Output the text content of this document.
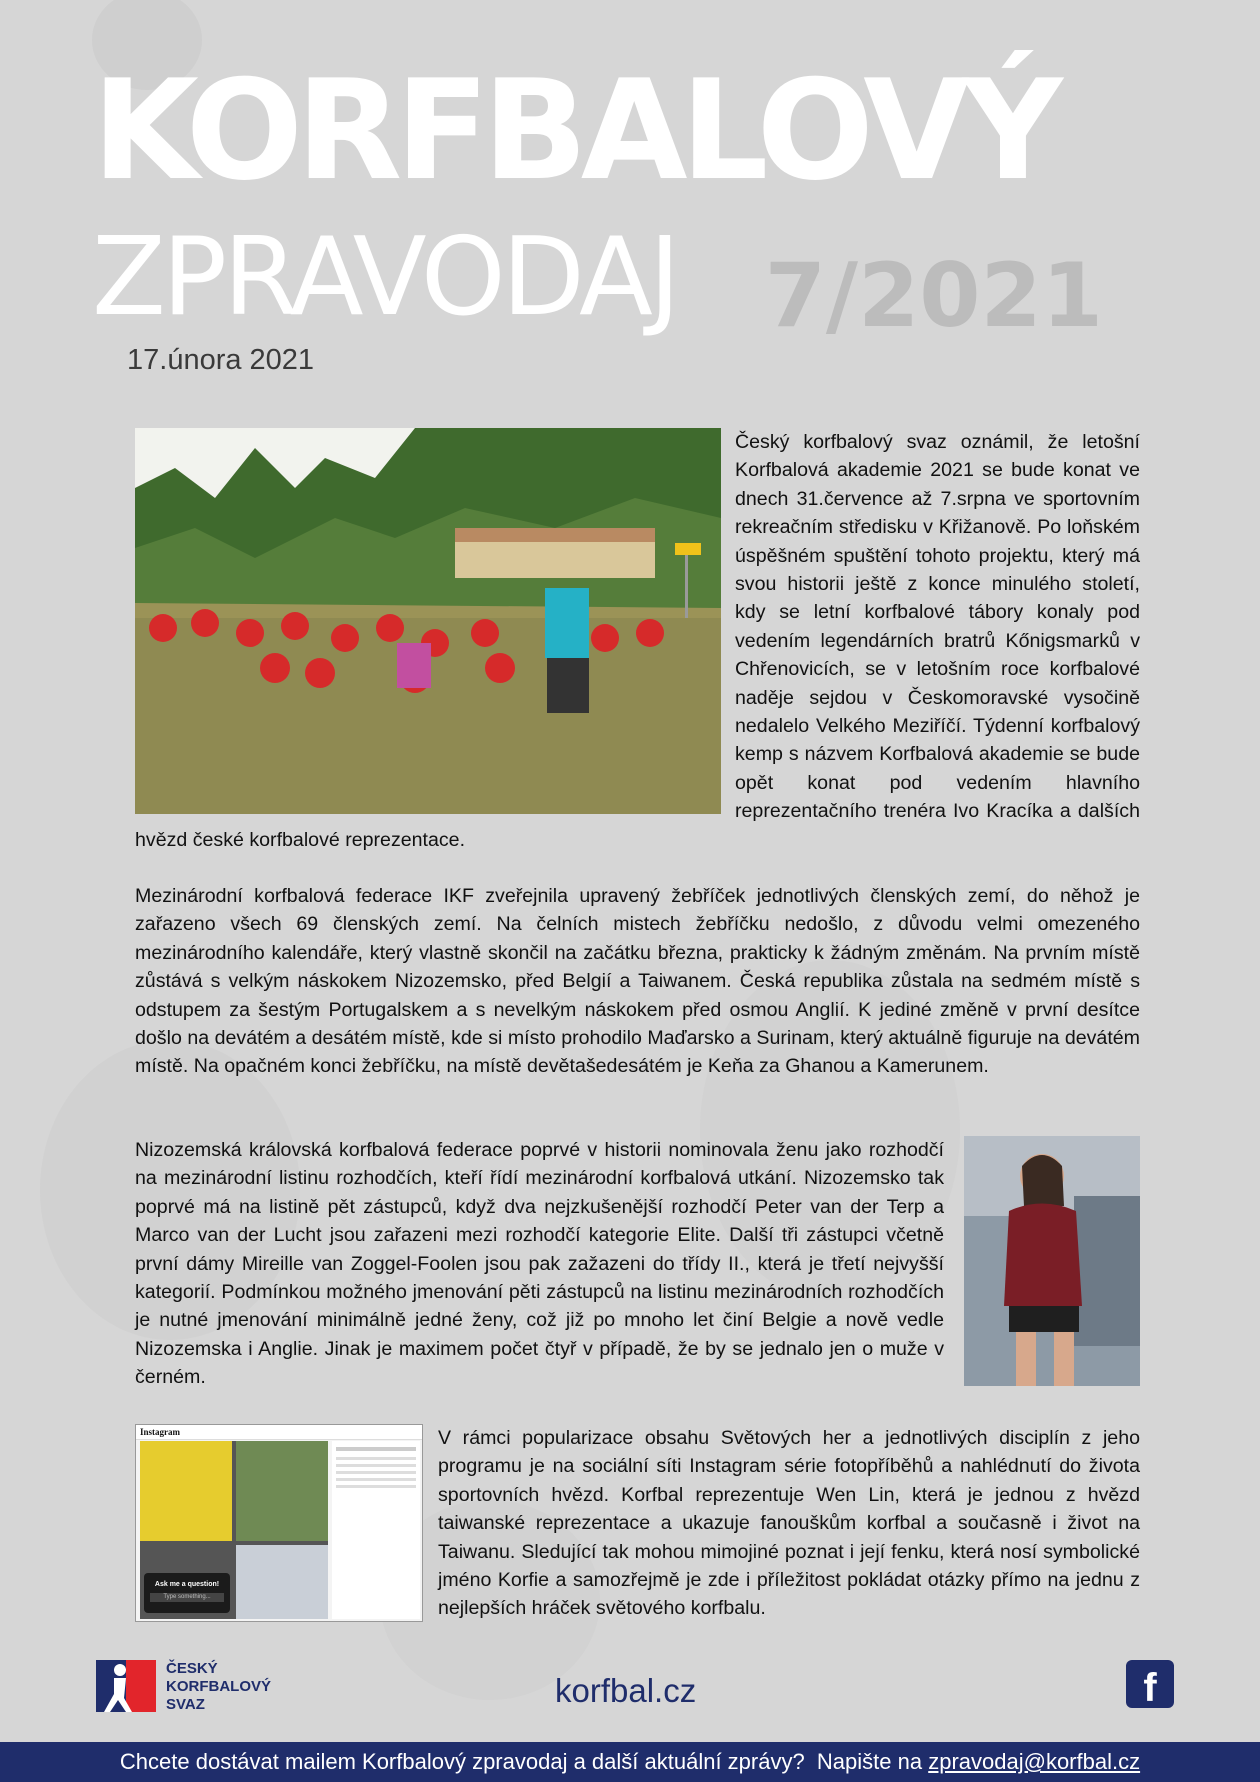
KORFBALOVÝ
ZPRAVODAJ 7/2021
17.února 2021

Český korfbalový svaz oznámil, že letošní Korfbalová akademie 2021 se bude konat ve dnech 31.července až 7.srpna ve sportovním rekreačním středisku v Křižanově. Po loňském úspěšném spuštění tohoto projektu, který má svou historii ještě z konce minulého století, kdy se letní korfbalové tábory konaly pod vedením legendárních bratrů Kőnigsmarků v Chřenovicích, se v letošním roce korfbalové naděje sejdou v Českomoravské vysočině nedalelo Velkého Meziříčí. Týdenní korfbalový kemp s názvem Korfbalová akademie se bude opět konat pod vedením hlavního reprezentačního trenéra Ivo Kracíka a dalších hvězd české korfbalové reprezentace.

Mezinárodní korfbalová federace IKF zveřejnila upravený žebříček jednotlivých členských zemí, do něhož je zařazeno všech 69 členských zemí. Na čelních mistech žebříčku nedošlo, z důvodu velmi omezeného mezinárodního kalendáře, který vlastně skončil na začátku března, prakticky k žádným změnám. Na prvním místě zůstává s velkým náskokem Nizozemsko, před Belgií a Taiwanem. Česká republika zůstala na sedmém místě s odstupem za šestým Portugalskem a s nevelkým náskokem před osmou Anglií. K jediné změně v první desítce došlo na devátém a desátém místě, kde si místo prohodilo Maďarsko a Surinam, který aktuálně figuruje na devátém místě. Na opačném konci žebříčku, na místě devětašedesátém je Keňa za Ghanou a Kamerunem.

Nizozemská královská korfbalová federace poprvé v historii nominovala ženu jako rozhodčí na mezinárodní listinu rozhodčích, kteří řídí mezinárodní korfbalová utkání. Nizozemsko tak poprvé má na listině pět zástupců, když dva nejzkušenější rozhodčí Peter van der Terp a Marco van der Lucht jsou zařazeni mezi rozhodčí kategorie Elite. Další tři zástupci včetně první dámy Mireille van Zoggel-Foolen jsou pak zažazeni do třídy II., která je třetí nejvyšší kategorií. Podmínkou možného jmenování pěti zástupců na listinu mezinárodních rozhodčích je nutné jmenování minimálně jedné ženy, což již po mnoho let činí Belgie a nově vedle Nizozemska i Anglie. Jinak je maximem počet čtyř v případě, že by se jednalo jen o muže v černém.

Instagram
Ask me a question!
Type something...

V rámci popularizace obsahu Světových her a jednotlivých disciplín z jeho programu je na sociální síti Instagram série fotopříběhů a nahlédnutí do života sportovních hvězd. Korfbal reprezentuje Wen Lin, která je jednou z hvězd taiwanské reprezentace a ukazuje fanouškům korfbal a současně i život na Taiwanu. Sledující tak mohou mimojiné poznat i její fenku, která nosí symbolické jméno Korfie a samozřejmě je zde i příležitost pokládat otázky přímo na jednu z nejlepších hráček světového korfbalu.

ČESKÝ
KORFBALOVÝ
SVAZ	korfbal.cz	f
Chcete dostávat mailem Korfbalový zpravodaj a další aktuální zprávy?  Napište na zpravodaj@korfbal.cz
